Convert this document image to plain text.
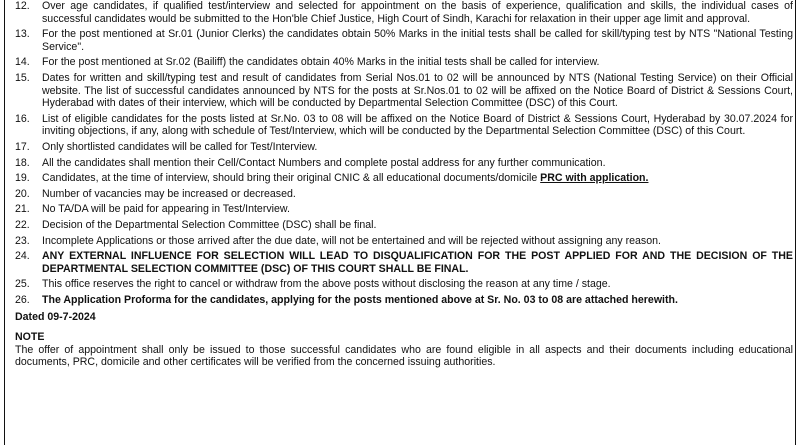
12.	Over age candidates, if qualified test/interview and selected for appointment on the basis of experience, qualification and skills, the individual cases of successful candidates would be submitted to the Hon'ble Chief Justice, High Court of Sindh, Karachi for relaxation in their upper age limit and approval.
13.	For the post mentioned at Sr.01 (Junior Clerks) the candidates obtain 50% Marks in the initial tests shall be called for skill/typing test by NTS "National Testing Service".
14.	For the post mentioned at Sr.02 (Bailiff) the candidates obtain 40% Marks in the initial tests shall be called for interview.
15.	Dates for written and skill/typing test and result of candidates from Serial Nos.01 to 02 will be announced by NTS (National Testing Service) on their Official website. The list of successful candidates announced by NTS for the posts at Sr.Nos.01 to 02 will be affixed on the Notice Board of District & Sessions Court, Hyderabad with dates of their interview, which will be conducted by Departmental Selection Committee (DSC) of this Court.
16.	List of eligible candidates for the posts listed at Sr.No. 03 to 08 will be affixed on the Notice Board of District & Sessions Court, Hyderabad by 30.07.2024 for inviting objections, if any, along with schedule of Test/Interview, which will be conducted by the Departmental Selection Committee (DSC) of this Court.
17.	Only shortlisted candidates will be called for Test/Interview.
18.	All the candidates shall mention their Cell/Contact Numbers and complete postal address for any further communication.
19.	Candidates, at the time of interview, should bring their original CNIC & all educational documents/domicile PRC with application.
20.	Number of vacancies may be increased or decreased.
21.	No TA/DA will be paid for appearing in Test/Interview.
22.	Decision of the Departmental Selection Committee (DSC) shall be final.
23.	Incomplete Applications or those arrived after the due date, will not be entertained and will be rejected without assigning any reason.
24.	ANY EXTERNAL INFLUENCE FOR SELECTION WILL LEAD TO DISQUALIFICATION FOR THE POST APPLIED FOR AND THE DECISION OF THE DEPARTMENTAL SELECTION COMMITTEE (DSC) OF THIS COURT SHALL BE FINAL.
25.	This office reserves the right to cancel or withdraw from the above posts without disclosing the reason at any time / stage.
26.	The Application Proforma for the candidates, applying for the posts mentioned above at Sr. No. 03 to 08 are attached herewith.
Dated 09-7-2024
NOTE
The offer of appointment shall only be issued to those successful candidates who are found eligible in all aspects and their documents including educational documents, PRC, domicile and other certificates will be verified from the concerned issuing authorities.
